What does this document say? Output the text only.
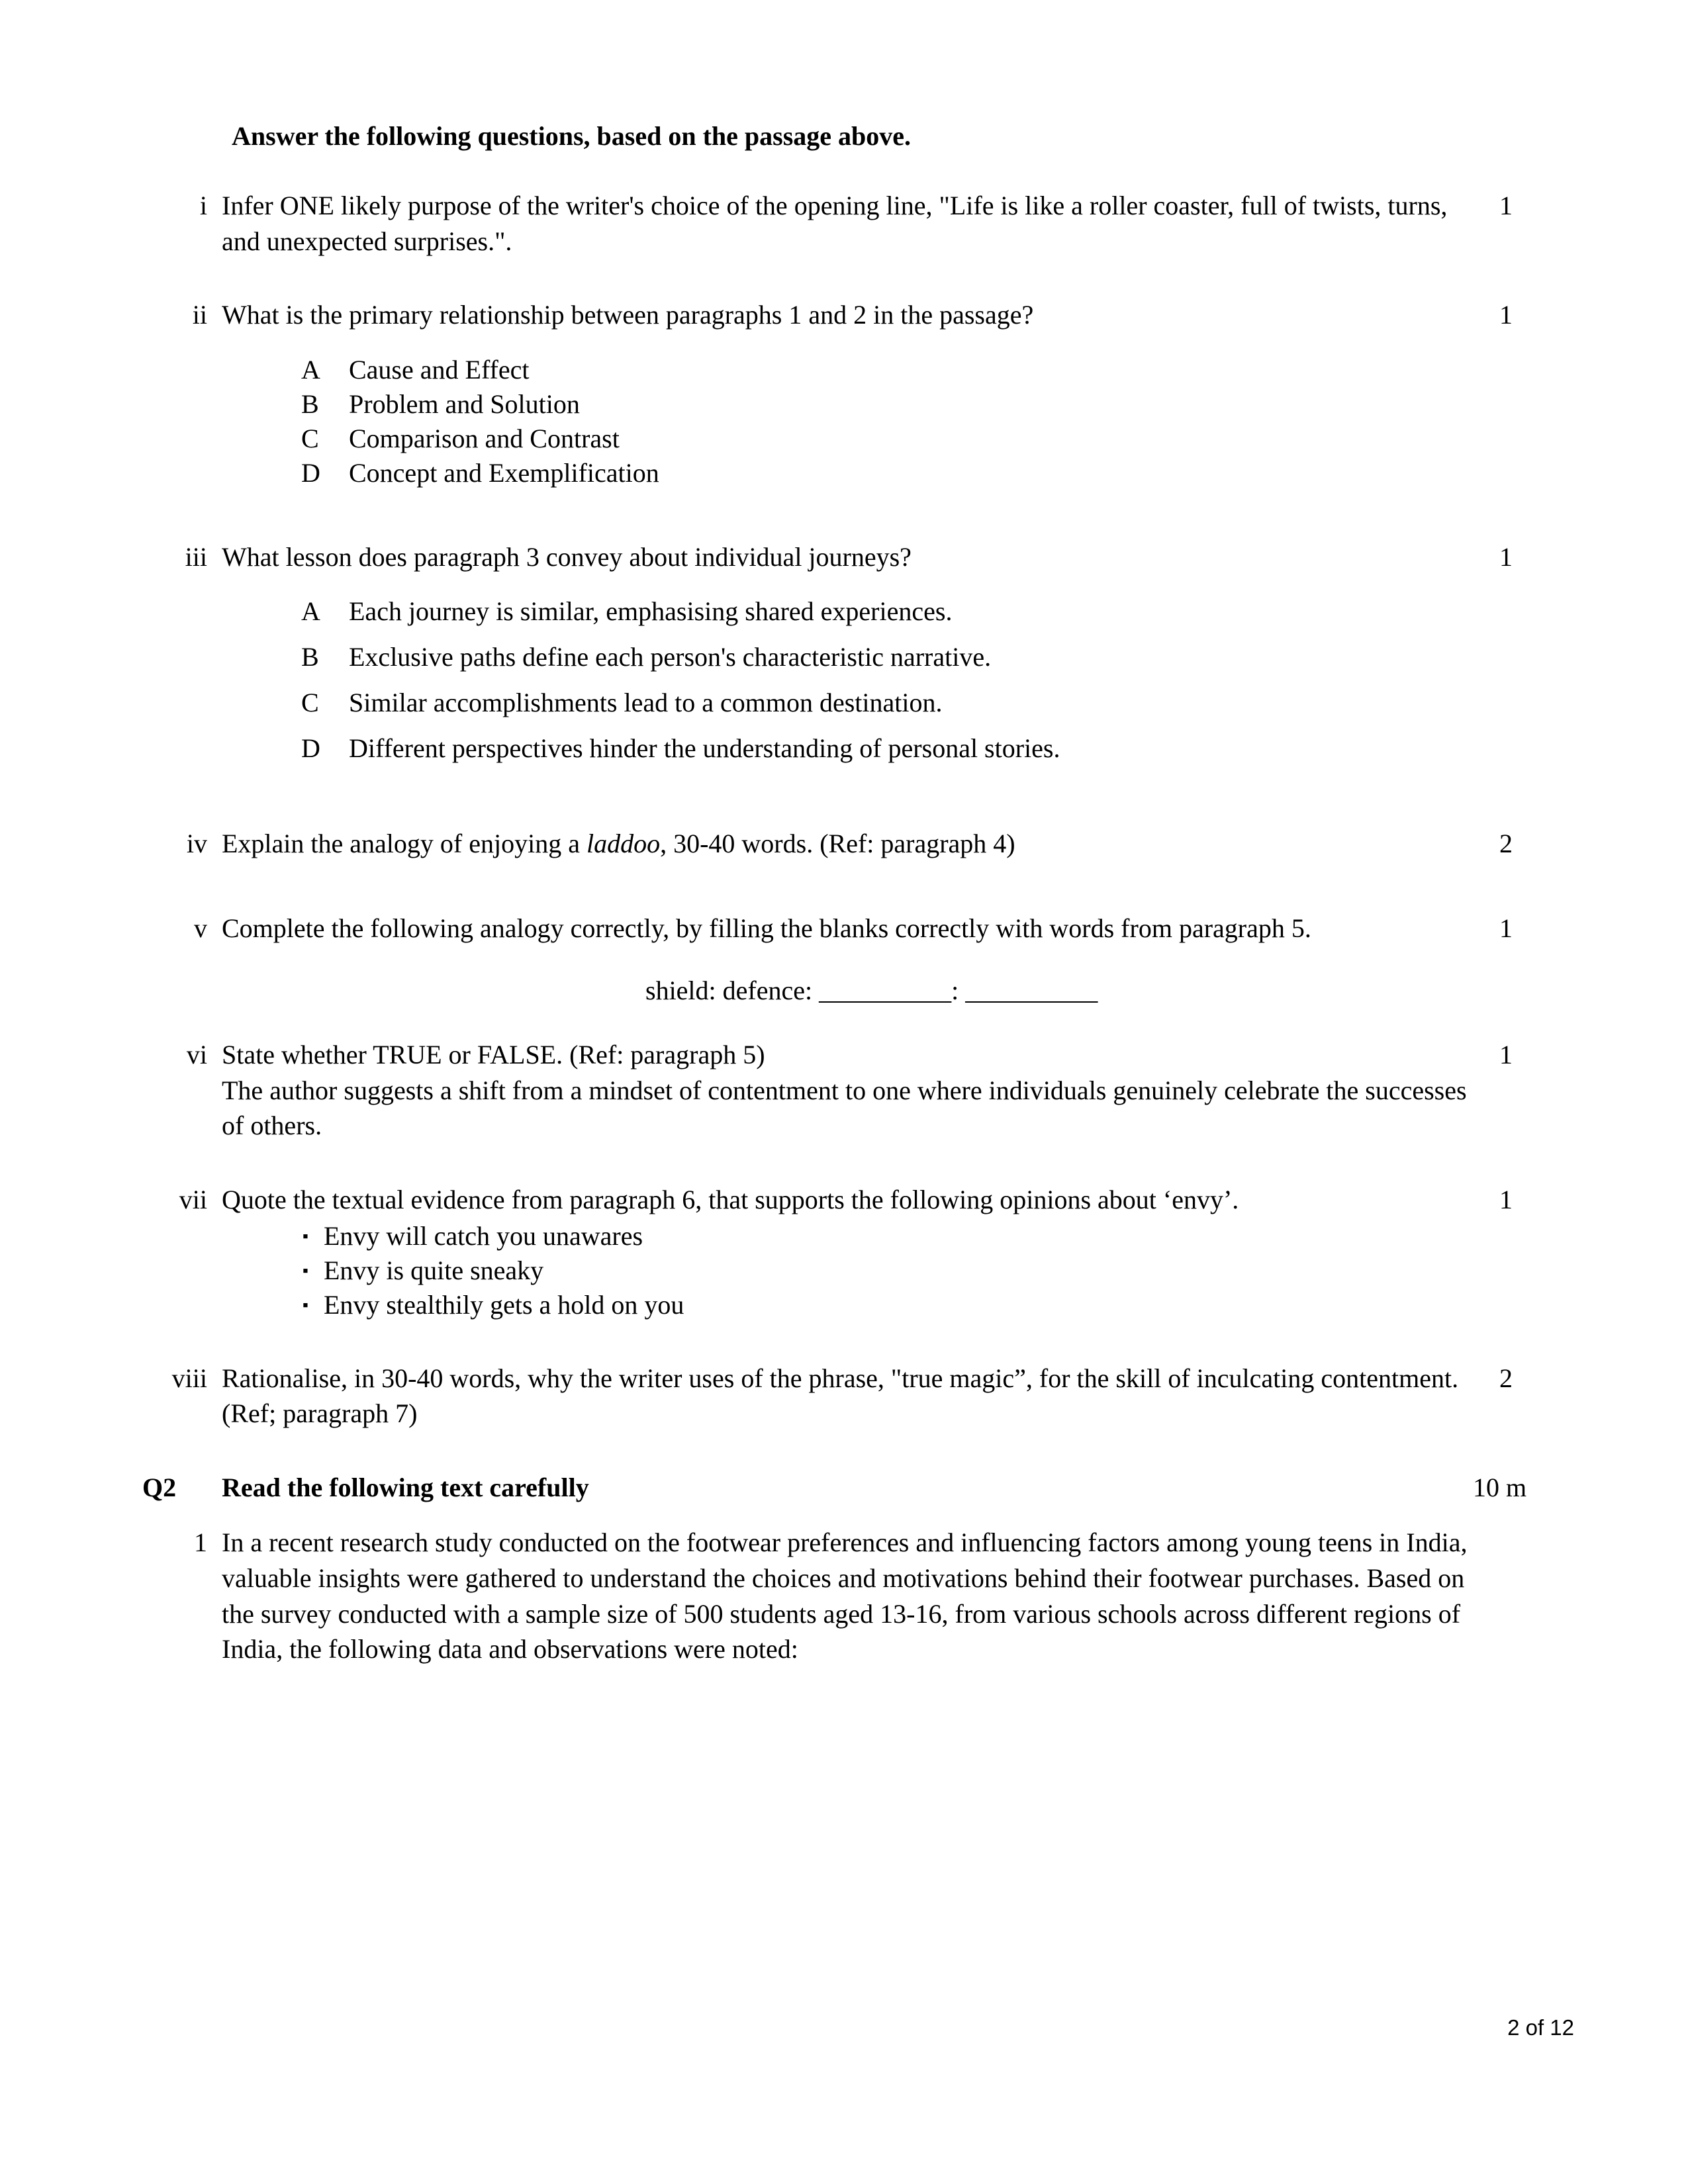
Answer the following questions, based on the passage above.
i Infer ONE likely purpose of the writer's choice of the opening line, "Life is like a roller coaster, full of twists, turns, and unexpected surprises.".
1
ii What is the primary relationship between paragraphs 1 and 2 in the passage?
A	Cause and Effect
B	Problem and Solution
C	Comparison and Contrast
D	Concept and Exemplification
1
iii What lesson does paragraph 3 convey about individual journeys?
A	Each journey is similar, emphasising shared experiences.
B	Exclusive paths define each person's characteristic narrative.
C	Similar accomplishments lead to a common destination.
D	Different perspectives hinder the understanding of personal stories.
1
iv Explain the analogy of enjoying a laddoo, 30-40 words. (Ref: paragraph 4)	2
v Complete the following analogy correctly, by filling the blanks correctly with words from paragraph 5.
shield: defence: __________: __________
1
vi State whether TRUE or FALSE. (Ref: paragraph 5)
The author suggests a shift from a mindset of contentment to one where individuals genuinely celebrate the successes of others.
1
vii Quote the textual evidence from paragraph 6, that supports the following opinions about ‘envy’.
▪ Envy will catch you unawares
▪ Envy is quite sneaky
▪ Envy stealthily gets a hold on you
1
viii Rationalise, in 30-40 words, why the writer uses of the phrase, "true magic”, for the skill of inculcating contentment. (Ref; paragraph 7)
2
Q2	Read the following text carefully	10 m
1 In a recent research study conducted on the footwear preferences and influencing factors among young teens in India, valuable insights were gathered to understand the choices and motivations behind their footwear purchases. Based on the survey conducted with a sample size of 500 students aged 13-16, from various schools across different regions of India, the following data and observations were noted:
2 of 12
